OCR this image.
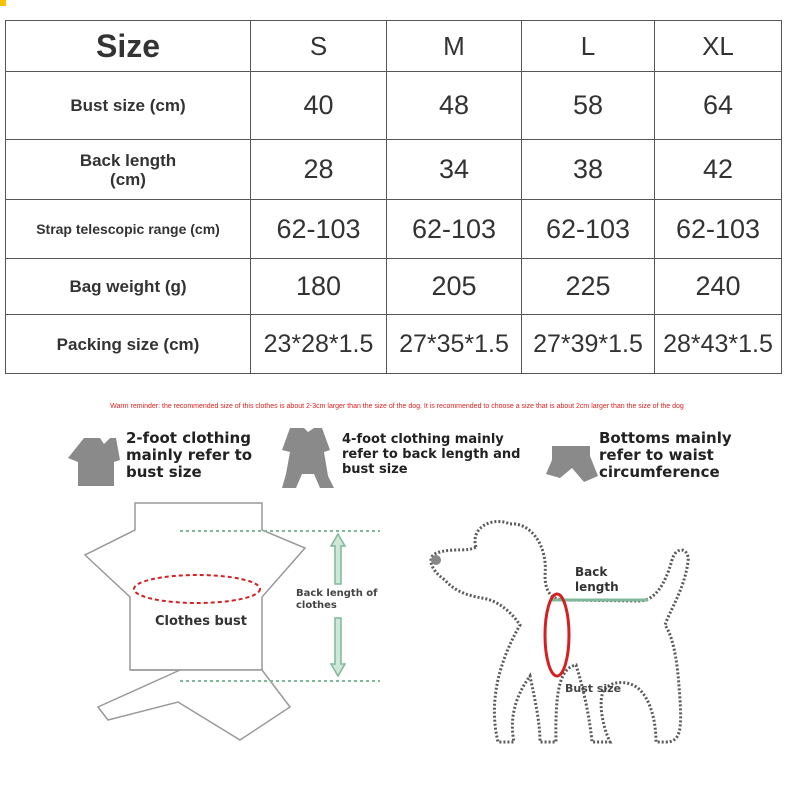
Size	S	M	L	XL
Bust size (cm)	40	48	58	64

Back length
(cm)	28	34	38	42
Strap telescopic range (cm)	62-103	62-103	62-103	62-103
Bag weight (g)	180	205	225	240
Packing size (cm)	23*28*1.5	27*35*1.5	27*39*1.5	28*43*1.5
Warm reminder: the recommended size of this clothes is about 2-3cm larger than the size of the dog. It is recommended to choose a size that is about 2cm larger than the size of the dog
2-foot clothing
mainly refer to
bust size
4-foot clothing mainly
refer to back length and
bust size
Bottoms mainly
refer to waist
circumference
Clothes bust
Back length of
clothes
Back
length
Bust size
